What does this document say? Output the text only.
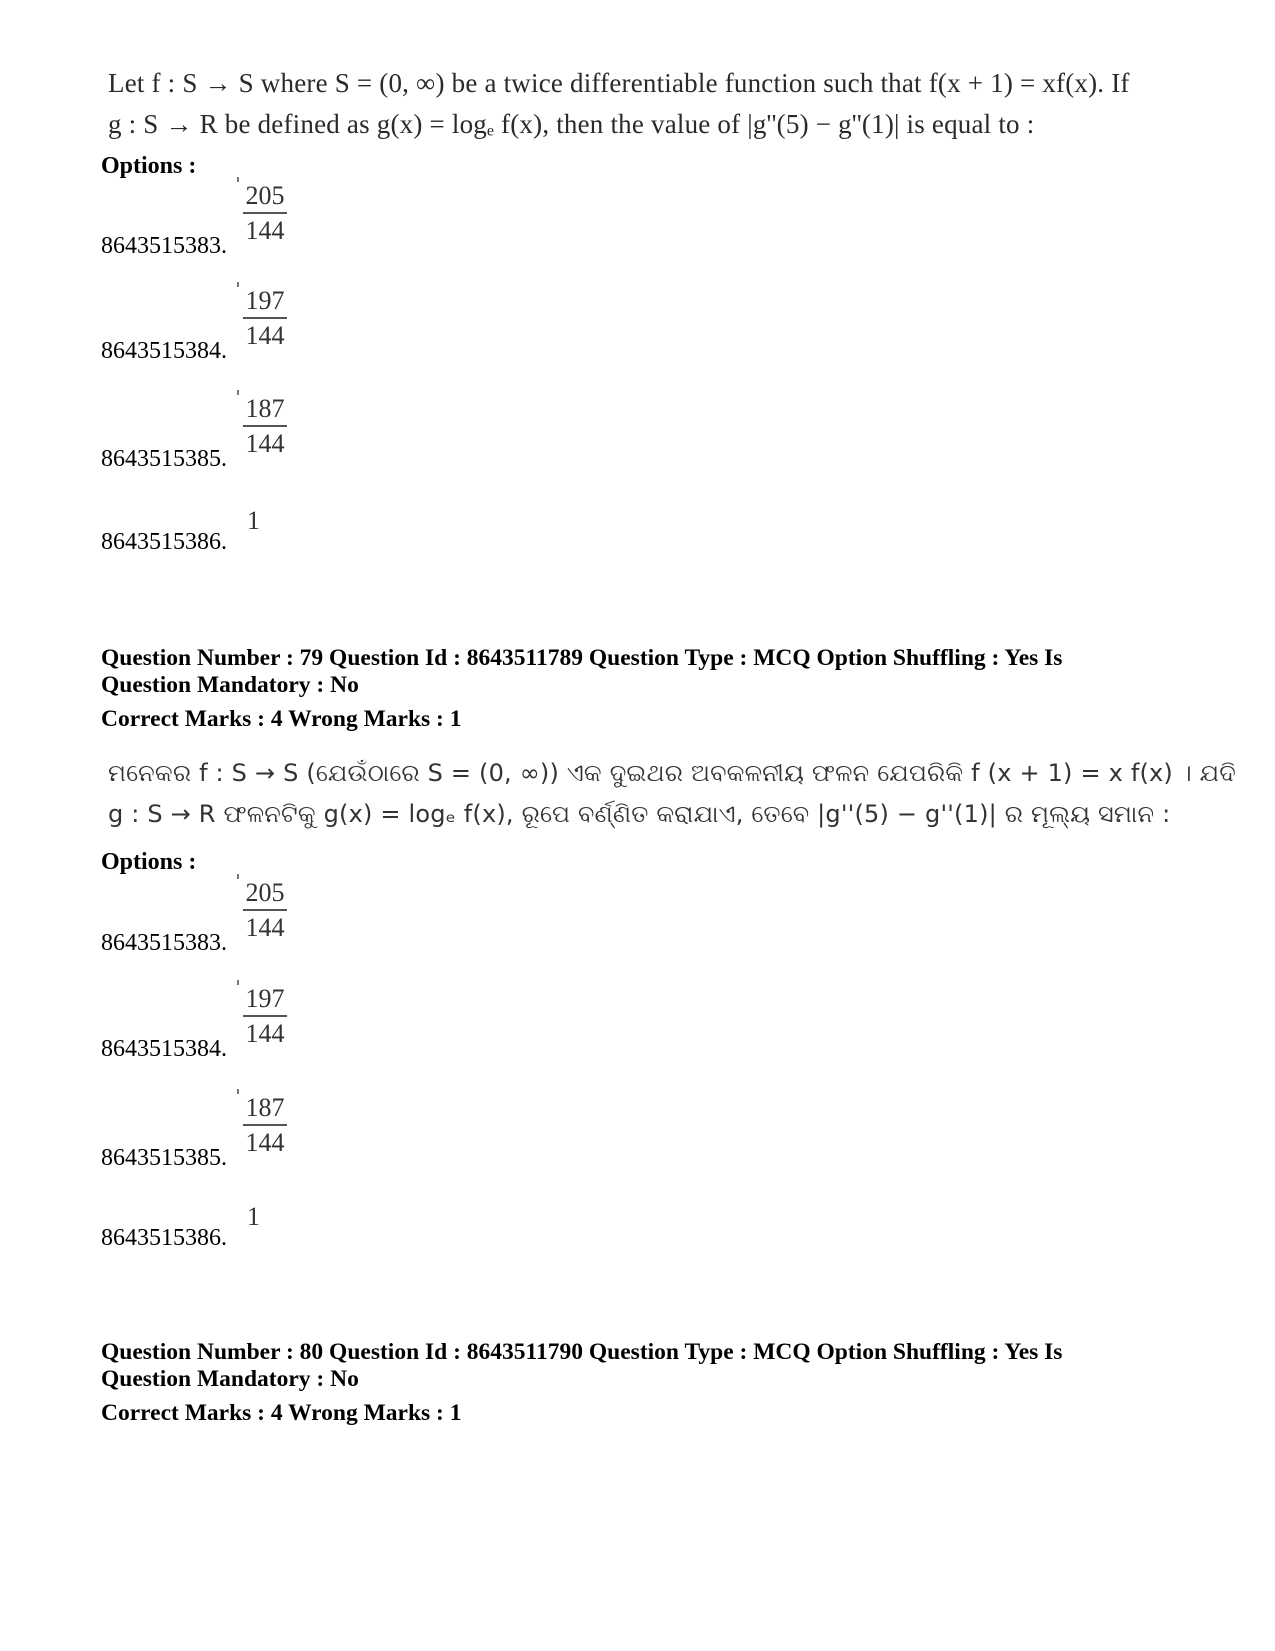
Let f : S → S where S = (0, ∞) be a twice differentiable function such that f(x + 1) = xf(x). If
g : S → R be defined as g(x) = logₑ f(x), then the value of |g''(5) − g''(1)| is equal to :
Options :
$\frac{205}{144}$
8643515383.
$\frac{197}{144}$
8643515384.
$\frac{187}{144}$
8643515385.
1
8643515386.
Question Number : 79 Question Id : 8643511789 Question Type : MCQ Option Shuffling : Yes Is
Question Mandatory : No
Correct Marks : 4 Wrong Marks : 1
ମନେକର f : S → S (ଯେଉଁଠାରେ S = (0, ∞)) ଏକ ଦୁଇଥର ଅବକଳନୀୟ ଫଳନ ଯେପରିକି f (x + 1) = x f(x) । ଯଦି
g : S → R ଫଳନଟିକୁ g(x) = logₑ f(x), ରୂପେ ବର୍ଣ୍ଣିତ କରାଯାଏ, ତେବେ |g''(5) − g''(1)| ର ମୂଲ୍ୟ ସମାନ :
Options :
$\frac{205}{144}$
8643515383.
$\frac{197}{144}$
8643515384.
$\frac{187}{144}$
8643515385.
1
8643515386.
Question Number : 80 Question Id : 8643511790 Question Type : MCQ Option Shuffling : Yes Is
Question Mandatory : No
Correct Marks : 4 Wrong Marks : 1
